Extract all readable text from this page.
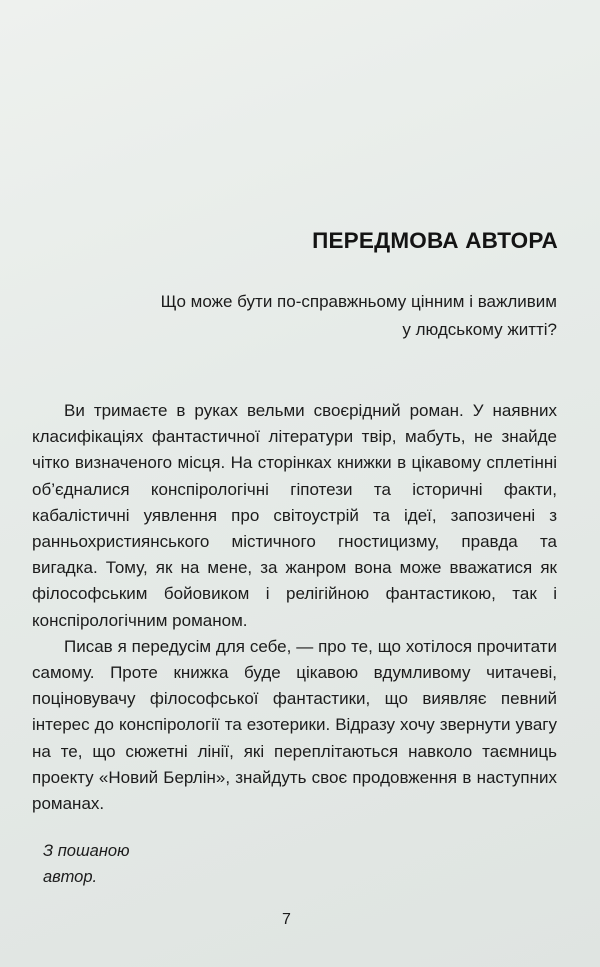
ПЕРЕДМОВА АВТОРА
Що може бути по-справжньому цінним і важливим
у людському житті?

Ви тримаєте в руках вельми своєрідний роман. У наявних класифікаціях фантастичної літератури твір, мабуть, не знайде чітко визначеного місця. На сторінках книжки в цікавому сплетінні об’єдналися конспірологічні гіпотези та історичні факти, кабалістичні уявлення про світоустрій та ідеї, запозичені з ранньохристиянського містичного гностицизму, правда та вигадка. Тому, як на мене, за жанром вона може вважатися як філософським бойовиком і релігійною фантастикою, так і конспірологічним романом.

Писав я передусім для себе, — про те, що хотілося прочитати самому. Проте книжка буде цікавою вдумливому читачеві, поціновувачу філософської фантастики, що виявляє певний інтерес до конспірології та езотерики. Відразу хочу звернути увагу на те, що сюжетні лінії, які переплітаються навколо таємниць проекту «Новий Берлін», знайдуть своє продовження в наступних романах.

З пошаною
автор.
7
